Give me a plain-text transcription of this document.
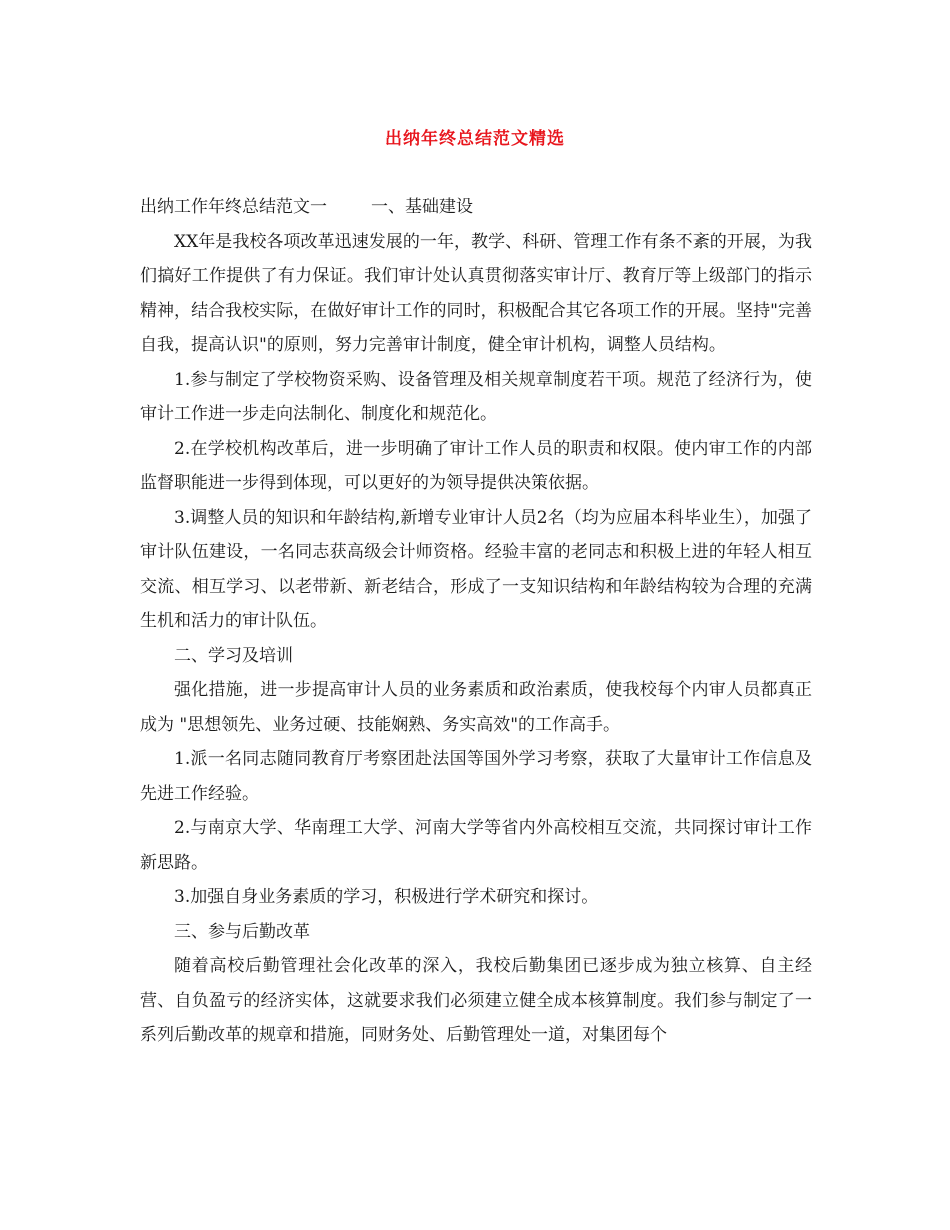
出纳年终总结范文精选

出纳工作年终总结范文一	一、基础建设

XX年是我校各项改革迅速发展的一年，教学、科研、管理工作有条不紊的开展，为我们搞好工作提供了有力保证。我们审计处认真贯彻落实审计厅、教育厅等上级部门的指示精神，结合我校实际，在做好审计工作的同时，积极配合其它各项工作的开展。坚持"完善自我，提高认识"的原则，努力完善审计制度，健全审计机构，调整人员结构。

1.参与制定了学校物资采购、设备管理及相关规章制度若干项。规范了经济行为，使审计工作进一步走向法制化、制度化和规范化。

2.在学校机构改革后，进一步明确了审计工作人员的职责和权限。使内审工作的内部监督职能进一步得到体现，可以更好的为领导提供决策依据。

3.调整人员的知识和年龄结构,新增专业审计人员2名（均为应届本科毕业生），加强了审计队伍建设，一名同志获高级会计师资格。经验丰富的老同志和积极上进的年轻人相互交流、相互学习、以老带新、新老结合，形成了一支知识结构和年龄结构较为合理的充满生机和活力的审计队伍。

二、学习及培训

强化措施，进一步提高审计人员的业务素质和政治素质，使我校每个内审人员都真正成为 "思想领先、业务过硬、技能娴熟、务实高效"的工作高手。

1.派一名同志随同教育厅考察团赴法国等国外学习考察，获取了大量审计工作信息及先进工作经验。

2.与南京大学、华南理工大学、河南大学等省内外高校相互交流，共同探讨审计工作新思路。

3.加强自身业务素质的学习，积极进行学术研究和探讨。

三、参与后勤改革

随着高校后勤管理社会化改革的深入，我校后勤集团已逐步成为独立核算、自主经营、自负盈亏的经济实体，这就要求我们必须建立健全成本核算制度。我们参与制定了一系列后勤改革的规章和措施，同财务处、后勤管理处一道，对集团每个
